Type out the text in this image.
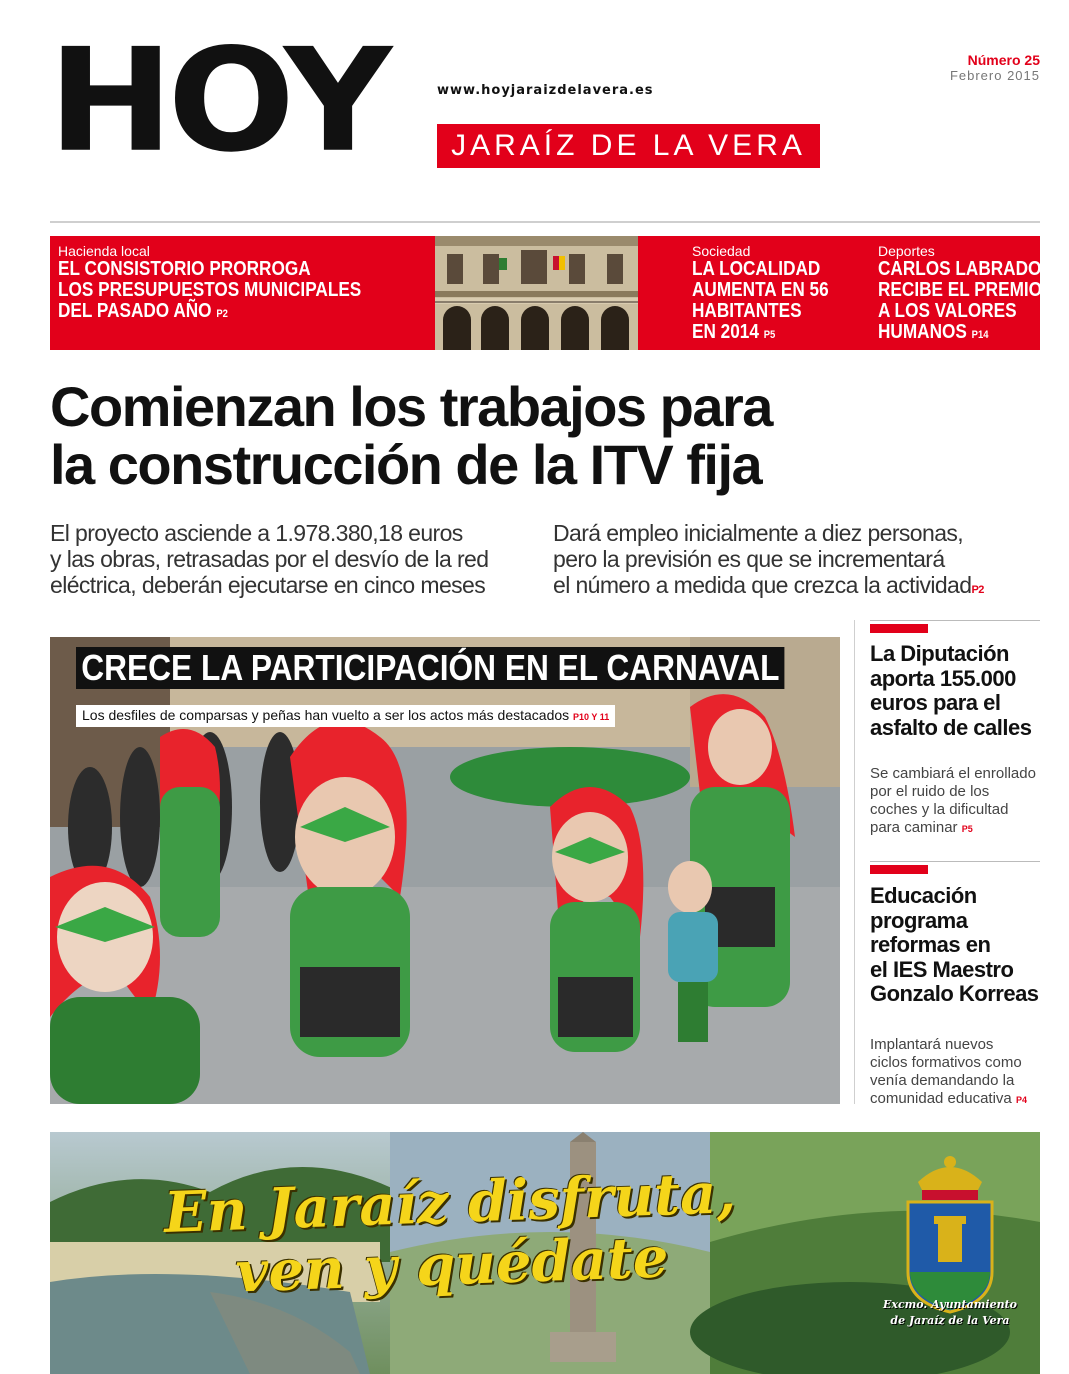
HOY	www.hoyjaraizdelavera.es
JARAÍZ DE LA VERA
Número 25
Febrero 2015
Hacienda local
EL CONSISTORIO PRORROGA
LOS PRESUPUESTOS MUNICIPALES
DEL PASADO AÑO P2
Sociedad
LA LOCALIDAD
AUMENTA EN 56
HABITANTES
EN 2014 P5
Deportes
CARLOS LABRADOR
RECIBE EL PREMIO
A LOS VALORES
HUMANOS P14
Comienzan los trabajos para
la construcción de la ITV fija
El proyecto asciende a 1.978.380,18 euros
y las obras, retrasadas por el desvío de la red
eléctrica, deberán ejecutarse en cinco meses
Dará empleo inicialmente a diez personas,
pero la previsión es que se incrementará
el número a medida que crezca la actividadP2
CRECE LA PARTICIPACIÓN EN EL CARNAVAL
Los desfiles de comparsas y peñas han vuelto a ser los actos más destacados P10 Y 11
La Diputación
aporta 155.000
euros para el
asfalto de calles
Se cambiará el enrollado
por el ruido de los
coches y la dificultad
para caminar P5
Educación
programa
reformas en
el IES Maestro
Gonzalo Korreas
Implantará nuevos
ciclos formativos como
venía demandando la
comunidad educativa P4
En Jaraíz disfruta,
ven y quédate	Excmo. Ayuntamiento
de Jaraíz de la Vera
